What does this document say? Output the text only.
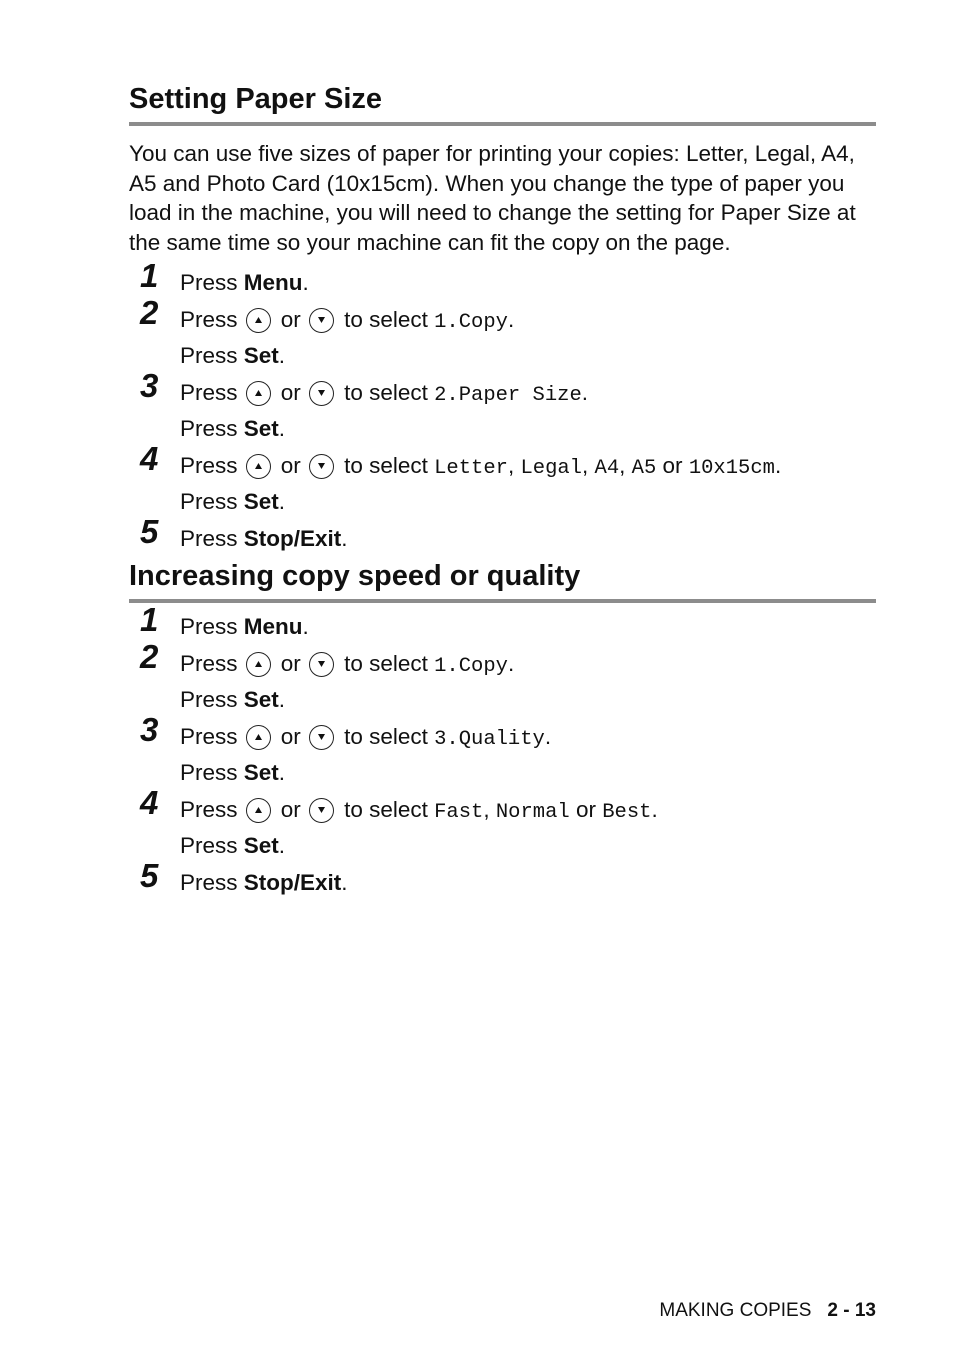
Setting Paper Size

You can use five sizes of paper for printing your copies: Letter, Legal, A4, A5 and Photo Card (10x15cm). When you change the type of paper you load in the machine, you will need to change the setting for Paper Size at the same time so your machine can fit the copy on the page.

1 Press Menu.
2 Press or to select 1.Copy.
Press Set.
3 Press or to select 2.Paper Size.
Press Set.
4 Press or to select Letter, Legal, A4, A5 or 10x15cm.
Press Set.
5 Press Stop/Exit.
Increasing copy speed or quality
1 Press Menu.
2 Press or to select 1.Copy.
Press Set.
3 Press or to select 3.Quality.
Press Set.
4 Press or to select Fast, Normal or Best.
Press Set.
5 Press Stop/Exit.
MAKING COPIES 2 - 13
